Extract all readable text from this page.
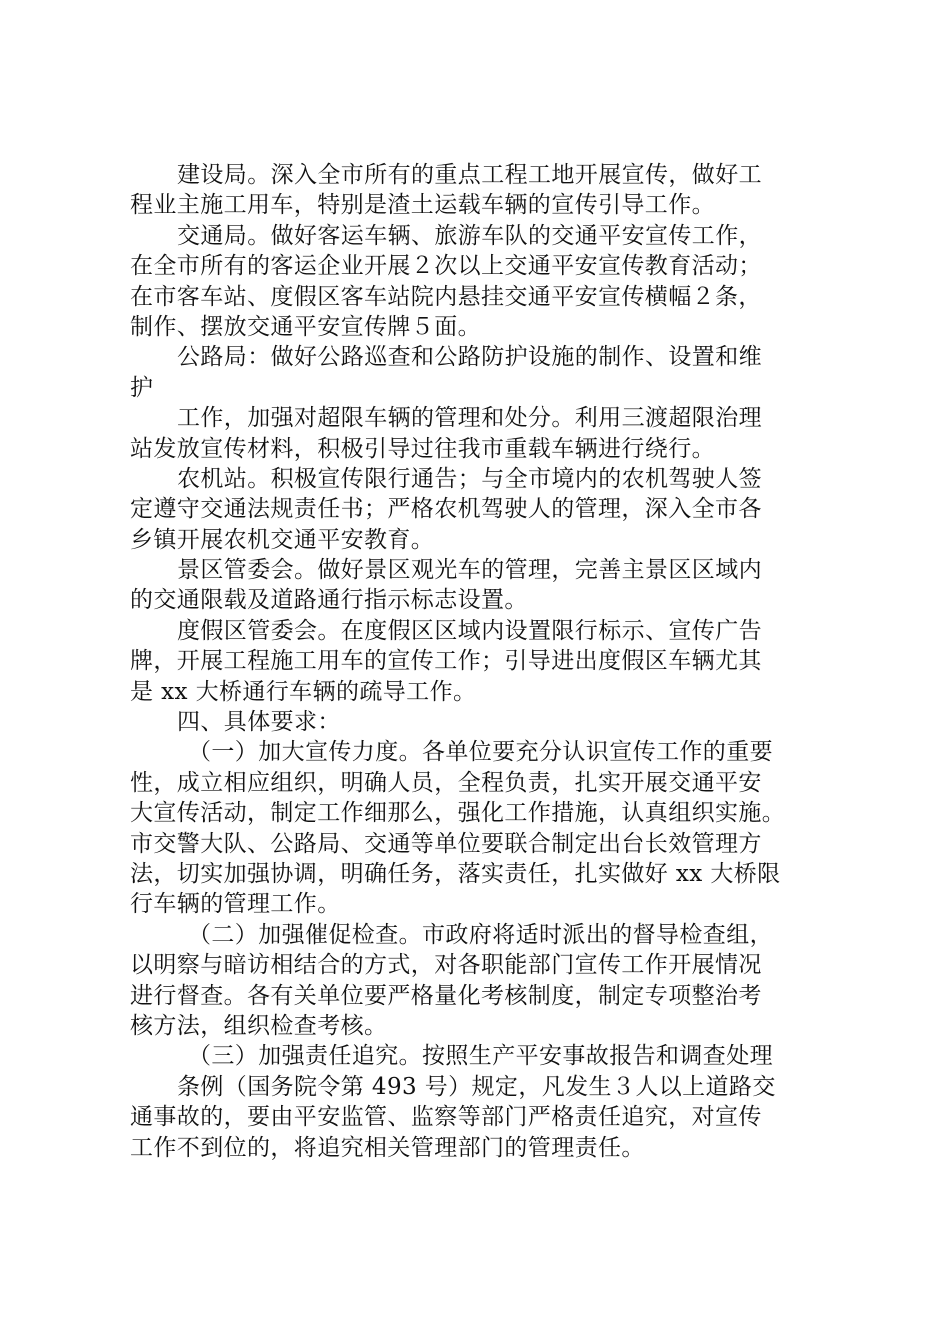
建设局。深入全市所有的重点工程工地开展宣传，做好工
程业主施工用车，特别是渣土运载车辆的宣传引导工作。
交通局。做好客运车辆、旅游车队的交通平安宣传工作，
在全市所有的客运企业开展２次以上交通平安宣传教育活动；
在市客车站、度假区客车站院内悬挂交通平安宣传横幅２条，
制作、摆放交通平安宣传牌５面。
公路局：做好公路巡查和公路防护设施的制作、设置和维
护
工作，加强对超限车辆的管理和处分。利用三渡超限治理
站发放宣传材料，积极引导过往我市重载车辆进行绕行。
农机站。积极宣传限行通告；与全市境内的农机驾驶人签
定遵守交通法规责任书；严格农机驾驶人的管理，深入全市各
乡镇开展农机交通平安教育。
景区管委会。做好景区观光车的管理，完善主景区区域内
的交通限载及道路通行指示标志设置。
度假区管委会。在度假区区域内设置限行标示、宣传广告
牌，开展工程施工用车的宣传工作；引导进出度假区车辆尤其
是 xx 大桥通行车辆的疏导工作。
四、具体要求：
（一）加大宣传力度。各单位要充分认识宣传工作的重要
性，成立相应组织，明确人员，全程负责，扎实开展交通平安
大宣传活动，制定工作细那么，强化工作措施，认真组织实施。
市交警大队、公路局、交通等单位要联合制定出台长效管理方
法，切实加强协调，明确任务，落实责任，扎实做好 xx 大桥限
行车辆的管理工作。
（二）加强催促检查。市政府将适时派出的督导检查组，
以明察与暗访相结合的方式，对各职能部门宣传工作开展情况
进行督查。各有关单位要严格量化考核制度，制定专项整治考
核方法，组织检查考核。
（三）加强责任追究。按照生产平安事故报告和调查处理
条例（国务院令第 493 号）规定，凡发生３人以上道路交
通事故的，要由平安监管、监察等部门严格责任追究，对宣传
工作不到位的，将追究相关管理部门的管理责任。
